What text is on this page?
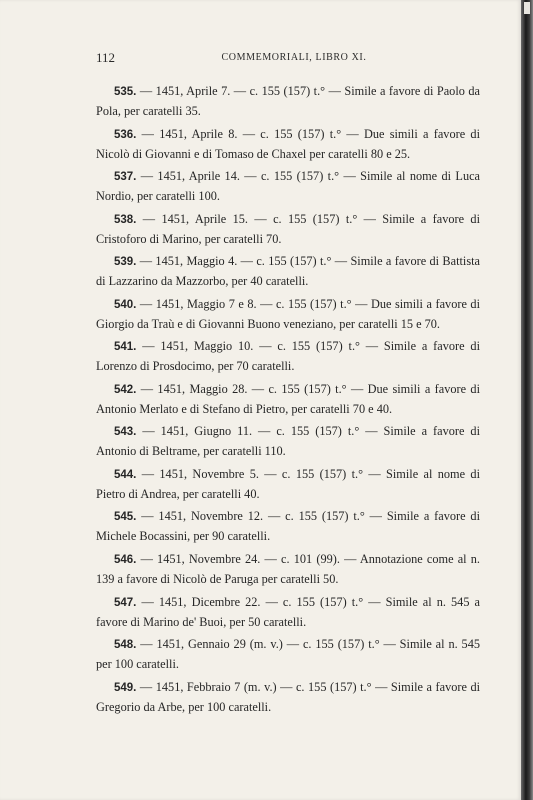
112	COMMEMORIALI, LIBRO XI.

535. — 1451, Aprile 7. — c. 155 (157) t.° — Simile a favore di Paolo da Pola, per caratelli 35.

536. — 1451, Aprile 8. — c. 155 (157) t.° — Due simili a favore di Nicolò di Giovanni e di Tomaso de Chaxel per caratelli 80 e 25.

537. — 1451, Aprile 14. — c. 155 (157) t.° — Simile al nome di Luca Nordio, per caratelli 100.

538. — 1451, Aprile 15. — c. 155 (157) t.° — Simile a favore di Cristoforo di Marino, per caratelli 70.

539. — 1451, Maggio 4. — c. 155 (157) t.° — Simile a favore di Battista di Lazzarino da Mazzorbo, per 40 caratelli.

540. — 1451, Maggio 7 e 8. — c. 155 (157) t.° — Due simili a favore di Giorgio da Traù e di Giovanni Buono veneziano, per caratelli 15 e 70.

541. — 1451, Maggio 10. — c. 155 (157) t.° — Simile a favore di Lorenzo di Prosdocimo, per 70 caratelli.

542. — 1451, Maggio 28. — c. 155 (157) t.° — Due simili a favore di Antonio Merlato e di Stefano di Pietro, per caratelli 70 e 40.

543. — 1451, Giugno 11. — c. 155 (157) t.° — Simile a favore di Antonio di Beltrame, per caratelli 110.

544. — 1451, Novembre 5. — c. 155 (157) t.° — Simile al nome di Pietro di Andrea, per caratelli 40.

545. — 1451, Novembre 12. — c. 155 (157) t.° — Simile a favore di Michele Bocassini, per 90 caratelli.

546. — 1451, Novembre 24. — c. 101 (99). — Annotazione come al n. 139 a favore di Nicolò de Paruga per caratelli 50.

547. — 1451, Dicembre 22. — c. 155 (157) t.° — Simile al n. 545 a favore di Marino de' Buoi, per 50 caratelli.

548. — 1451, Gennaio 29 (m. v.) — c. 155 (157) t.° — Simile al n. 545 per 100 caratelli.

549. — 1451, Febbraio 7 (m. v.) — c. 155 (157) t.° — Simile a favore di Gregorio da Arbe, per 100 caratelli.
